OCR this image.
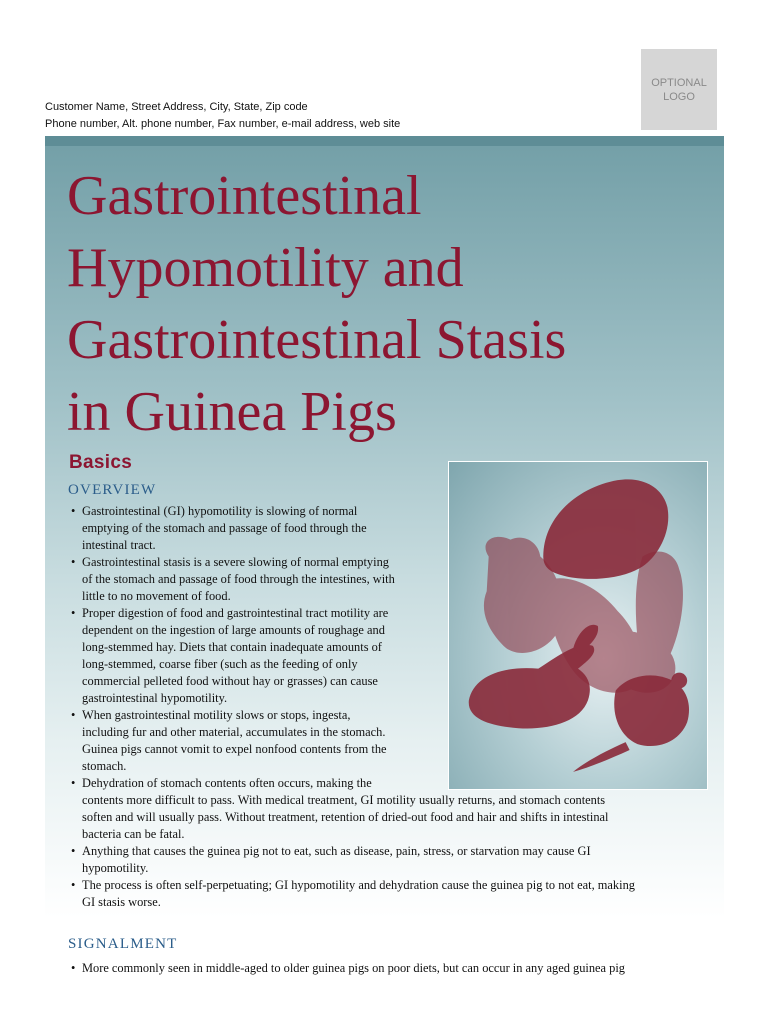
OPTIONAL
LOGO
Customer Name, Street Address, City, State, Zip code
Phone number, Alt. phone number, Fax number, e-mail address, web site
Gastrointestinal
Hypomotility and
Gastrointestinal Stasis
in Guinea Pigs
Basics
OVERVIEW
• Gastrointestinal (GI) hypomotility is slowing of normal
emptying of the stomach and passage of food through the
intestinal tract.
• Gastrointestinal stasis is a severe slowing of normal emptying
of the stomach and passage of food through the intestines, with
little to no movement of food.
• Proper digestion of food and gastrointestinal tract motility are
dependent on the ingestion of large amounts of roughage and
long-stemmed hay. Diets that contain inadequate amounts of
long-stemmed, coarse fiber (such as the feeding of only
commercial pelleted food without hay or grasses) can cause
gastrointestinal hypomotility.
• When gastrointestinal motility slows or stops, ingesta,
including fur and other material, accumulates in the stomach.
Guinea pigs cannot vomit to expel nonfood contents from the
stomach.
• Dehydration of stomach contents often occurs, making the
contents more difficult to pass. With medical treatment, GI motility usually returns, and stomach contents
soften and will usually pass. Without treatment, retention of dried-out food and hair and shifts in intestinal
bacteria can be fatal.
• Anything that causes the guinea pig not to eat, such as disease, pain, stress, or starvation may cause GI
hypomotility.
• The process is often self-perpetuating; GI hypomotility and dehydration cause the guinea pig to not eat, making
GI stasis worse.
SIGNALMENT
• More commonly seen in middle-aged to older guinea pigs on poor diets, but can occur in any aged guinea pig
